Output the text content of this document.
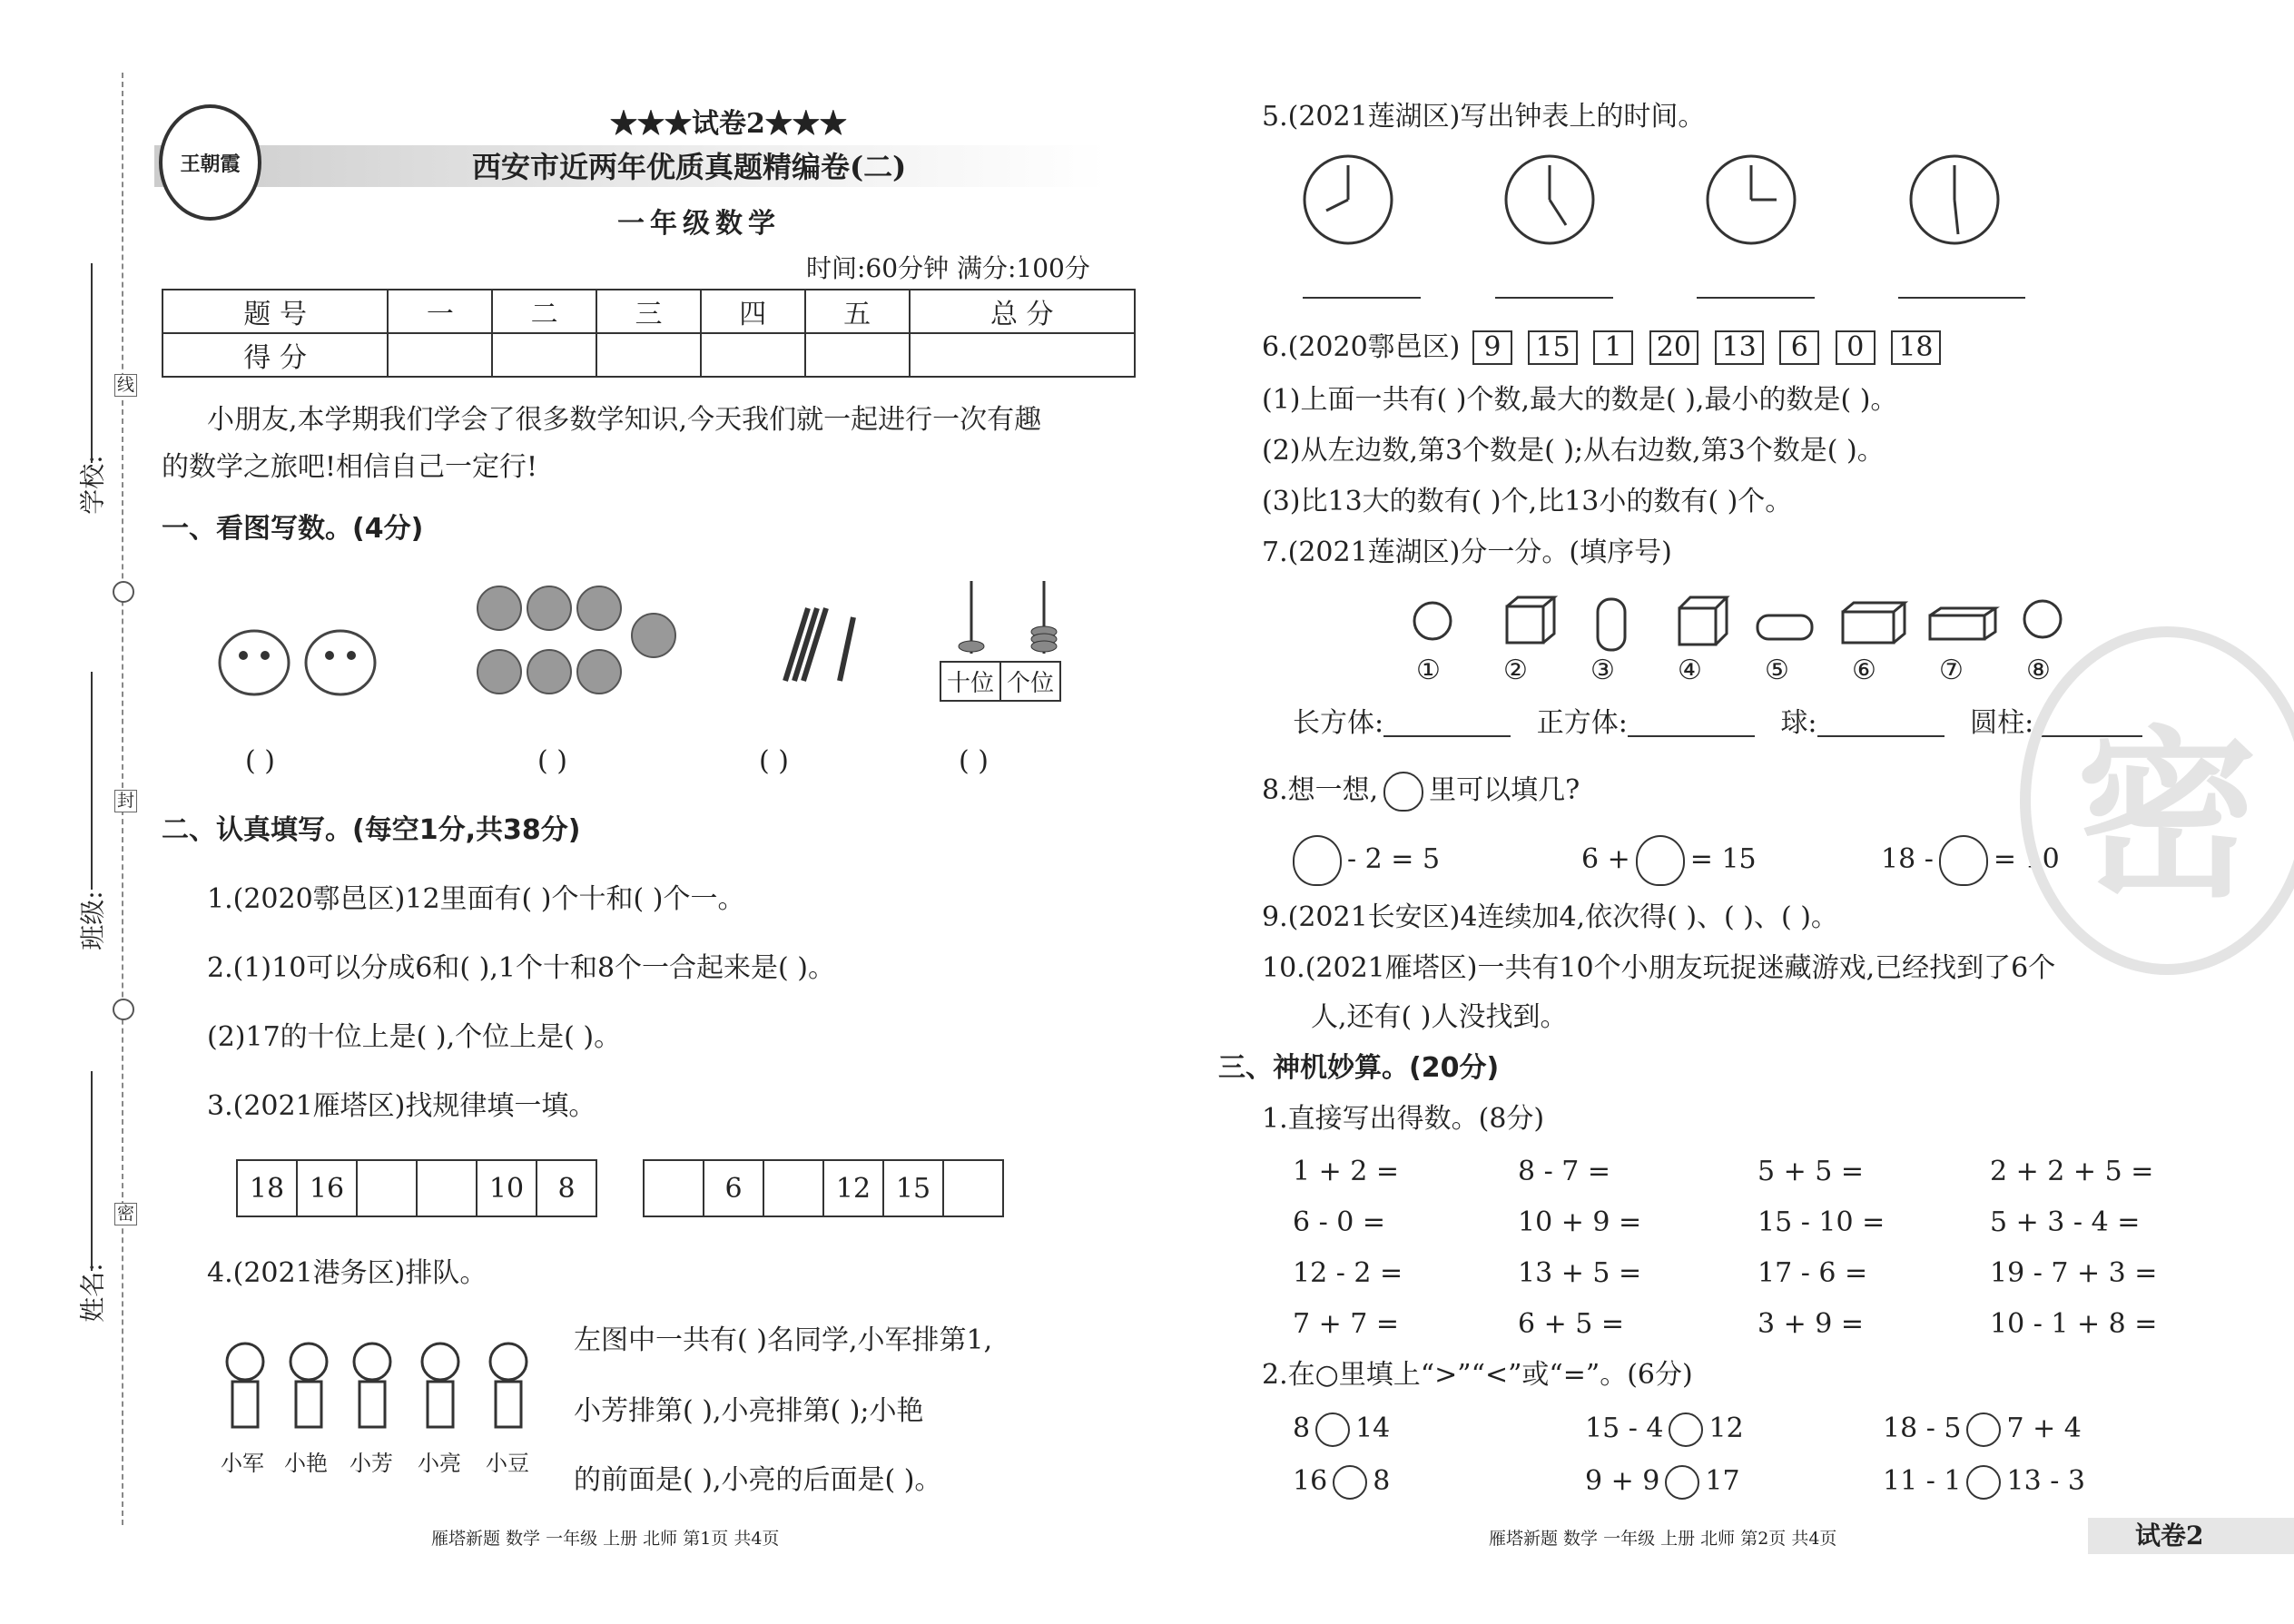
学校:
班级:
姓名:
线
封
密
王朝霞
★★★试卷2★★★
西安市近两年优质真题精编卷(二)
一年级数学
时间:60分钟 满分:100分
题 号	一	二	三	四	五	总 分
得 分						
小朋友,本学期我们学会了很多数学知识,今天我们就一起进行一次有趣
的数学之旅吧!相信自己一定行!
一、看图写数。(4分)
十位 个位
( )	( )	( )	( )
二、认真填写。(每空1分,共38分)
1.(2020鄠邑区)12里面有( )个十和( )个一。
2.(1)10可以分成6和( ),1个十和8个一合起来是( )。
(2)17的十位上是( ),个位上是( )。
3.(2021雁塔区)找规律填一填。
18	16			10	8
		6		12	15	
4.(2021港务区)排队。
小军 小艳 小芳 小亮 小豆
左图中一共有( )名同学,小军排第1,
小芳排第( ),小亮排第( );小艳
的前面是( ),小亮的后面是( )。
雁塔新题 数学 一年级 上册 北师 第1页 共4页
5.(2021莲湖区)写出钟表上的时间。
6.(2020鄠邑区) 9 15 1 20 13 6 0 18
(1)上面一共有( )个数,最大的数是( ),最小的数是( )。
(2)从左边数,第3个数是( );从右边数,第3个数是( )。
(3)比13大的数有( )个,比13小的数有( )个。
7.(2021莲湖区)分一分。(填序号)
① ② ③ ④ ⑤ ⑥ ⑦ ⑧
长方体:	正方体:	球:	圆柱:
8.想一想, 里可以填几?
- 2 = 5	6 + = 15	18 - = 10
9.(2021长安区)4连续加4,依次得( )、( )、( )。
10.(2021雁塔区)一共有10个小朋友玩捉迷藏游戏,已经找到了6个
人,还有( )人没找到。
三、神机妙算。(20分)
1.直接写出得数。(8分)
1 + 2 =	8 - 7 =	5 + 5 =	2 + 2 + 5 =
6 - 0 =	10 + 9 =	15 - 10 =	5 + 3 - 4 =
12 - 2 =	13 + 5 =	17 - 6 =	19 - 7 + 3 =
7 + 7 =	6 + 5 =	3 + 9 =	10 - 1 + 8 =
2.在○里填上“>”“<”或“=”。(6分)
8 14	15 - 4 12	18 - 5 7 + 4
16 8	9 + 9 17	11 - 1 13 - 3
密
雁塔新题 数学 一年级 上册 北师 第2页 共4页	试卷2
